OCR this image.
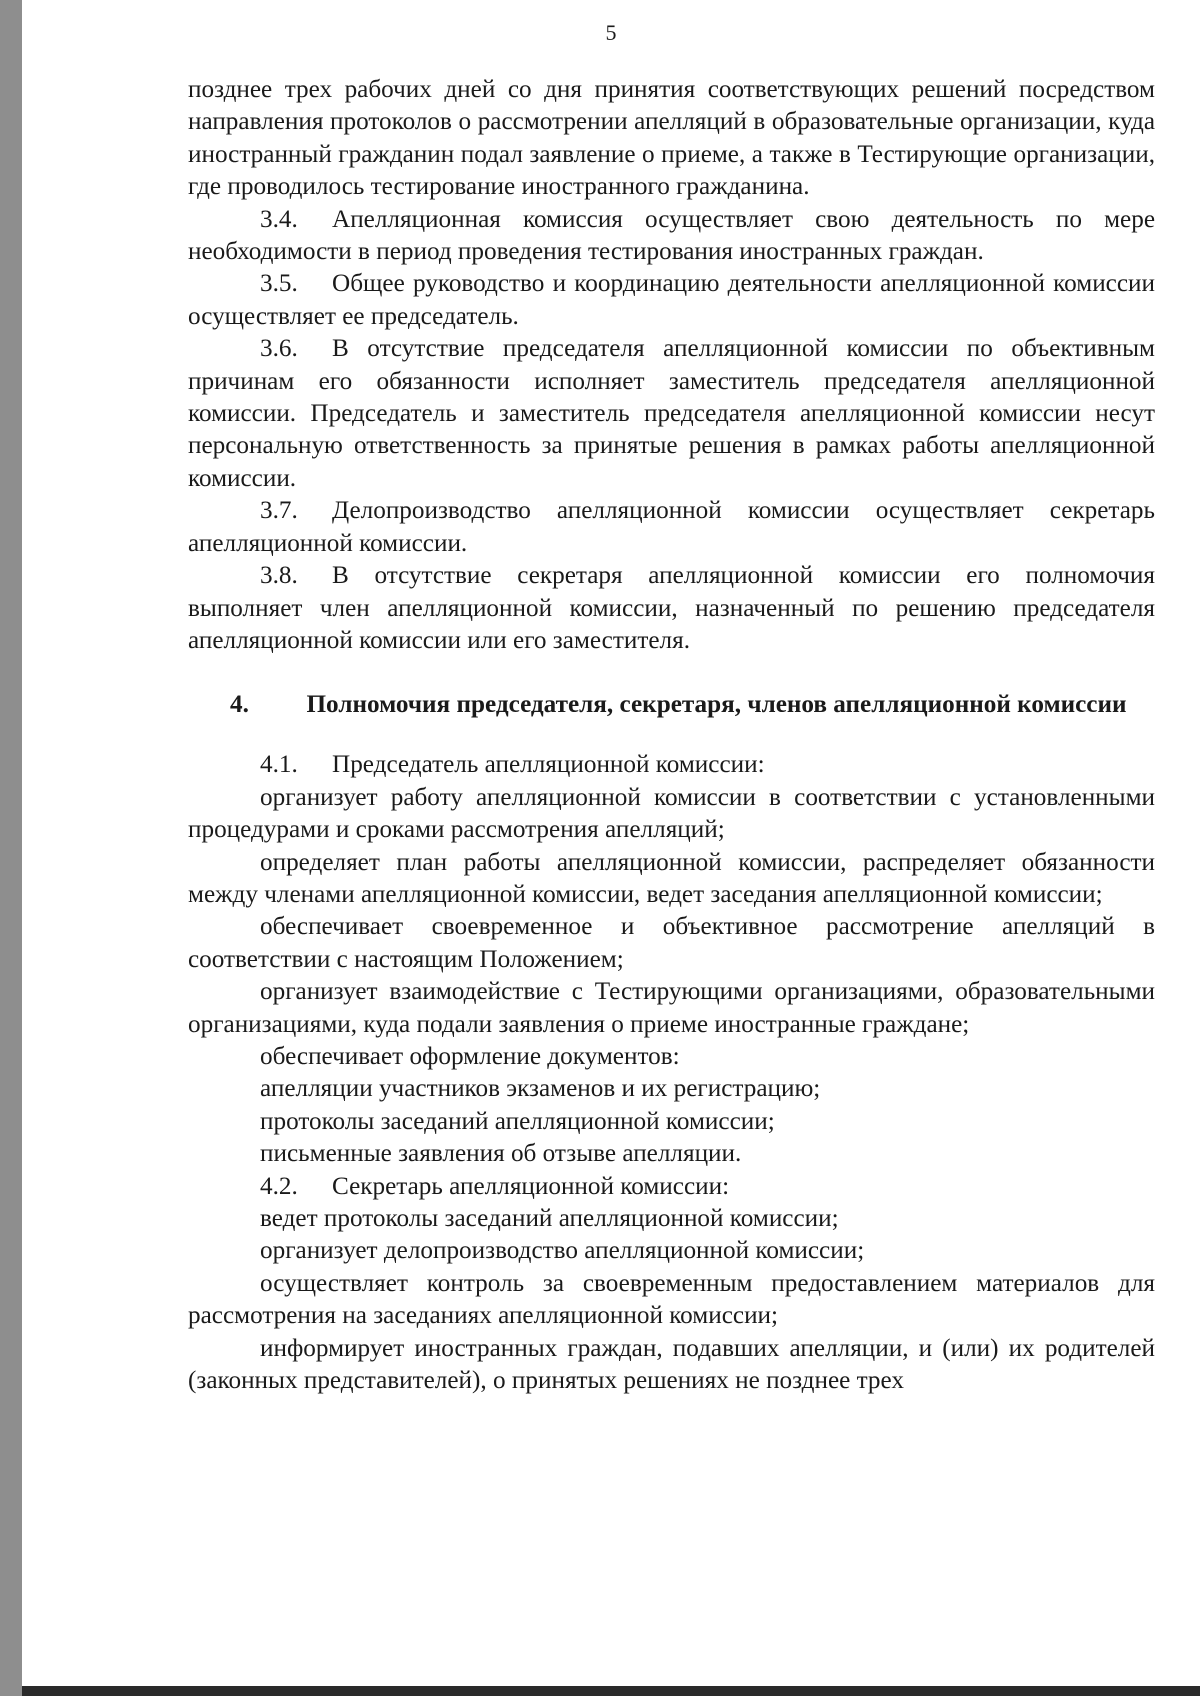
5

позднее трех рабочих дней со дня принятия соответствующих решений посредством направления протоколов о рассмотрении апелляций в образовательные организации, куда иностранный гражданин подал заявление о приеме, а также в Тестирующие организации, где проводилось тестирование иностранного гражданина.

3.4. Апелляционная комиссия осуществляет свою деятельность по мере необходимости в период проведения тестирования иностранных граждан.

3.5. Общее руководство и координацию деятельности апелляционной комиссии осуществляет ее председатель.

3.6. В отсутствие председателя апелляционной комиссии по объективным причинам его обязанности исполняет заместитель председателя апелляционной комиссии. Председатель и заместитель председателя апелляционной комиссии несут персональную ответственность за принятые решения в рамках работы апелляционной комиссии.

3.7. Делопроизводство апелляционной комиссии осуществляет секретарь апелляционной комиссии.

3.8. В отсутствие секретаря апелляционной комиссии его полномочия выполняет член апелляционной комиссии, назначенный по решению председателя апелляционной комиссии или его заместителя.

4.	Полномочия председателя, секретаря, членов апелляционной комиссии

4.1. Председатель апелляционной комиссии:

организует работу апелляционной комиссии в соответствии с установленными процедурами и сроками рассмотрения апелляций;

определяет план работы апелляционной комиссии, распределяет обязанности между членами апелляционной комиссии, ведет заседания апелляционной комиссии;

обеспечивает своевременное и объективное рассмотрение апелляций в соответствии с настоящим Положением;

организует взаимодействие с Тестирующими организациями, образовательными организациями, куда подали заявления о приеме иностранные граждане;

обеспечивает оформление документов:

апелляции участников экзаменов и их регистрацию;

протоколы заседаний апелляционной комиссии;

письменные заявления об отзыве апелляции.

4.2. Секретарь апелляционной комиссии:

ведет протоколы заседаний апелляционной комиссии;

организует делопроизводство апелляционной комиссии;

осуществляет контроль за своевременным предоставлением материалов для рассмотрения на заседаниях апелляционной комиссии;

информирует иностранных граждан, подавших апелляции, и (или) их родителей (законных представителей), о принятых решениях не позднее трех
